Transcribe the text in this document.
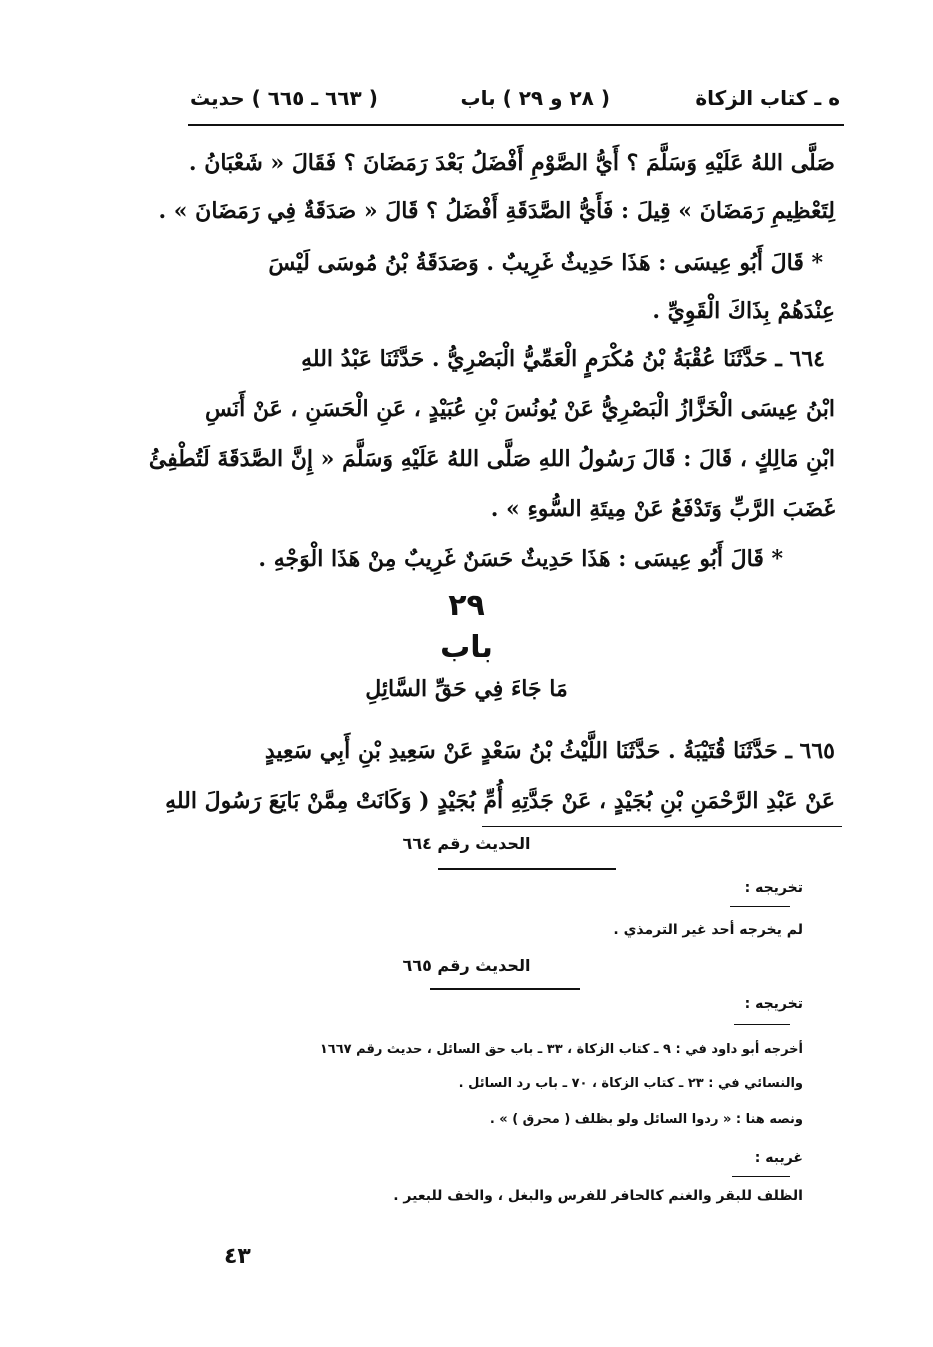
ه ـ كتاب الزكاة
( ٢٨ و ٢٩ ) باب
( ٦٦٣ ـ ٦٦٥ ) حديث
صَلَّى اللهُ عَلَيْهِ وَسَلَّمَ ؟ أَيُّ الصَّوْمِ أَفْضَلُ بَعْدَ رَمَضَانَ ؟ فَقَالَ « شَعْبَانُ .
لِتَعْظِيمِ رَمَضَانَ » قِيلَ : فَأَيُّ الصَّدَقَةِ أَفْضَلُ ؟ قَالَ « صَدَقَةٌ فِي رَمَضَانَ » .
* قَالَ أَبُو عِيسَى : هَذَا حَدِيثٌ غَرِيبٌ . وَصَدَقَةُ بْنُ مُوسَى لَيْسَ
عِنْدَهُمْ بِذَاكَ الْقَوِيِّ .
٦٦٤ ـ حَدَّثَنَا عُقْبَةُ بْنُ مُكْرَمٍ الْعَمِّيُّ الْبَصْرِيُّ . حَدَّثَنَا عَبْدُ اللهِ
ابْنُ عِيسَى الْخَزَّازُ الْبَصْرِيُّ عَنْ يُونُسَ بْنِ عُبَيْدٍ ، عَنِ الْحَسَنِ ، عَنْ أَنَسِ
ابْنِ مَالِكٍ ، قَالَ : قَالَ رَسُولُ اللهِ صَلَّى اللهُ عَلَيْهِ وَسَلَّمَ « إِنَّ الصَّدَقَةَ لَتُطْفِئُ
غَضَبَ الرَّبِّ وَتَدْفَعُ عَنْ مِيتَةِ السُّوءِ » .
* قَالَ أَبُو عِيسَى : هَذَا حَدِيثٌ حَسَنٌ غَرِيبٌ مِنْ هَذَا الْوَجْهِ .
٢٩
باب
مَا جَاءَ فِي حَقِّ السَّائِلِ
٦٦٥ ـ حَدَّثَنَا قُتَيْبَةُ . حَدَّثَنَا اللَّيْثُ بْنُ سَعْدٍ عَنْ سَعِيدِ بْنِ أَبِي سَعِيدٍ
عَنْ عَبْدِ الرَّحْمَنِ بْنِ بُجَيْدٍ ، عَنْ جَدَّتِهِ أُمِّ بُجَيْدٍ ( وَكَانَتْ مِمَّنْ بَايَعَ رَسُولَ اللهِ
الحديث رقم ٦٦٤
تخريجه :
لم يخرجه أحد غير الترمذي .
الحديث رقم ٦٦٥
تخريجه :
أخرجه أبو داود في : ٩ ـ كتاب الزكاة ، ٣٣ ـ باب حق السائل ، حديث رقم ١٦٦٧
والنسائي في : ٢٣ ـ كتاب الزكاة ، ٧٠ ـ باب رد السائل .
ونصه هنا : « ردوا السائل ولو بظلف ( محرق ) » .
غريبه :
الظلف للبقر والغنم كالحافر للفرس والبغل ، والخف للبعير .
٤٣
